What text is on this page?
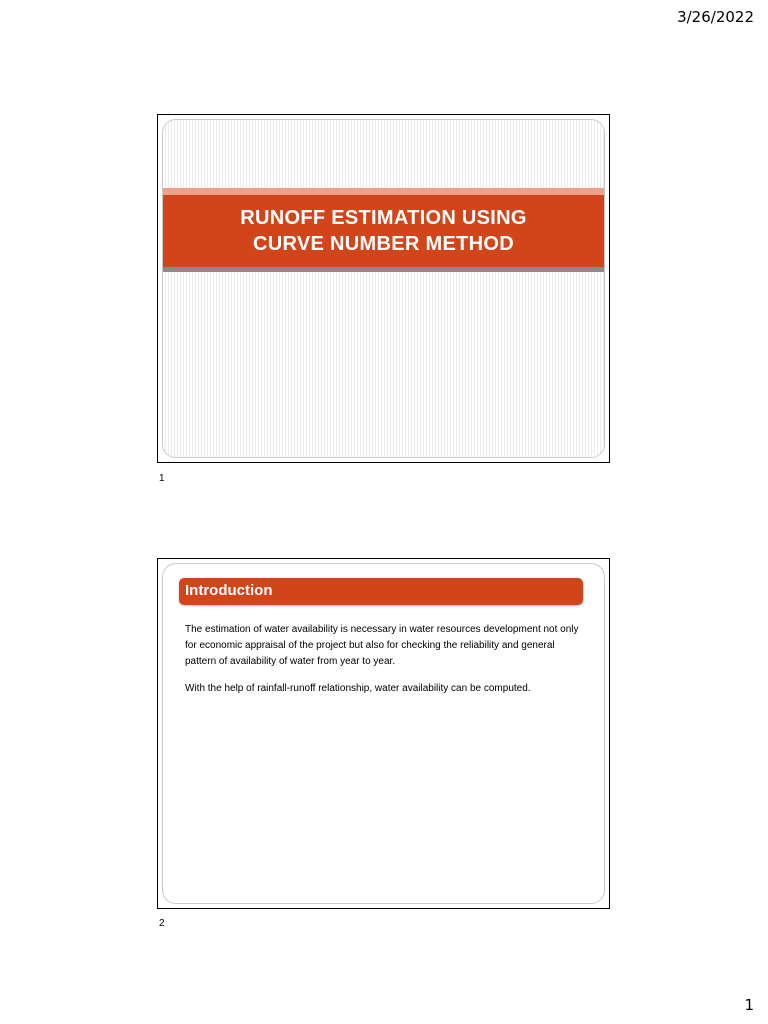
3/26/2022
RUNOFF ESTIMATION USING
CURVE NUMBER METHOD
1
Introduction

The estimation of water availability is necessary in water resources development not only for economic appraisal of the project but also for checking the reliability and general pattern of availability of water from year to year.

With the help of rainfall-runoff relationship, water availability can be computed.

2
1
